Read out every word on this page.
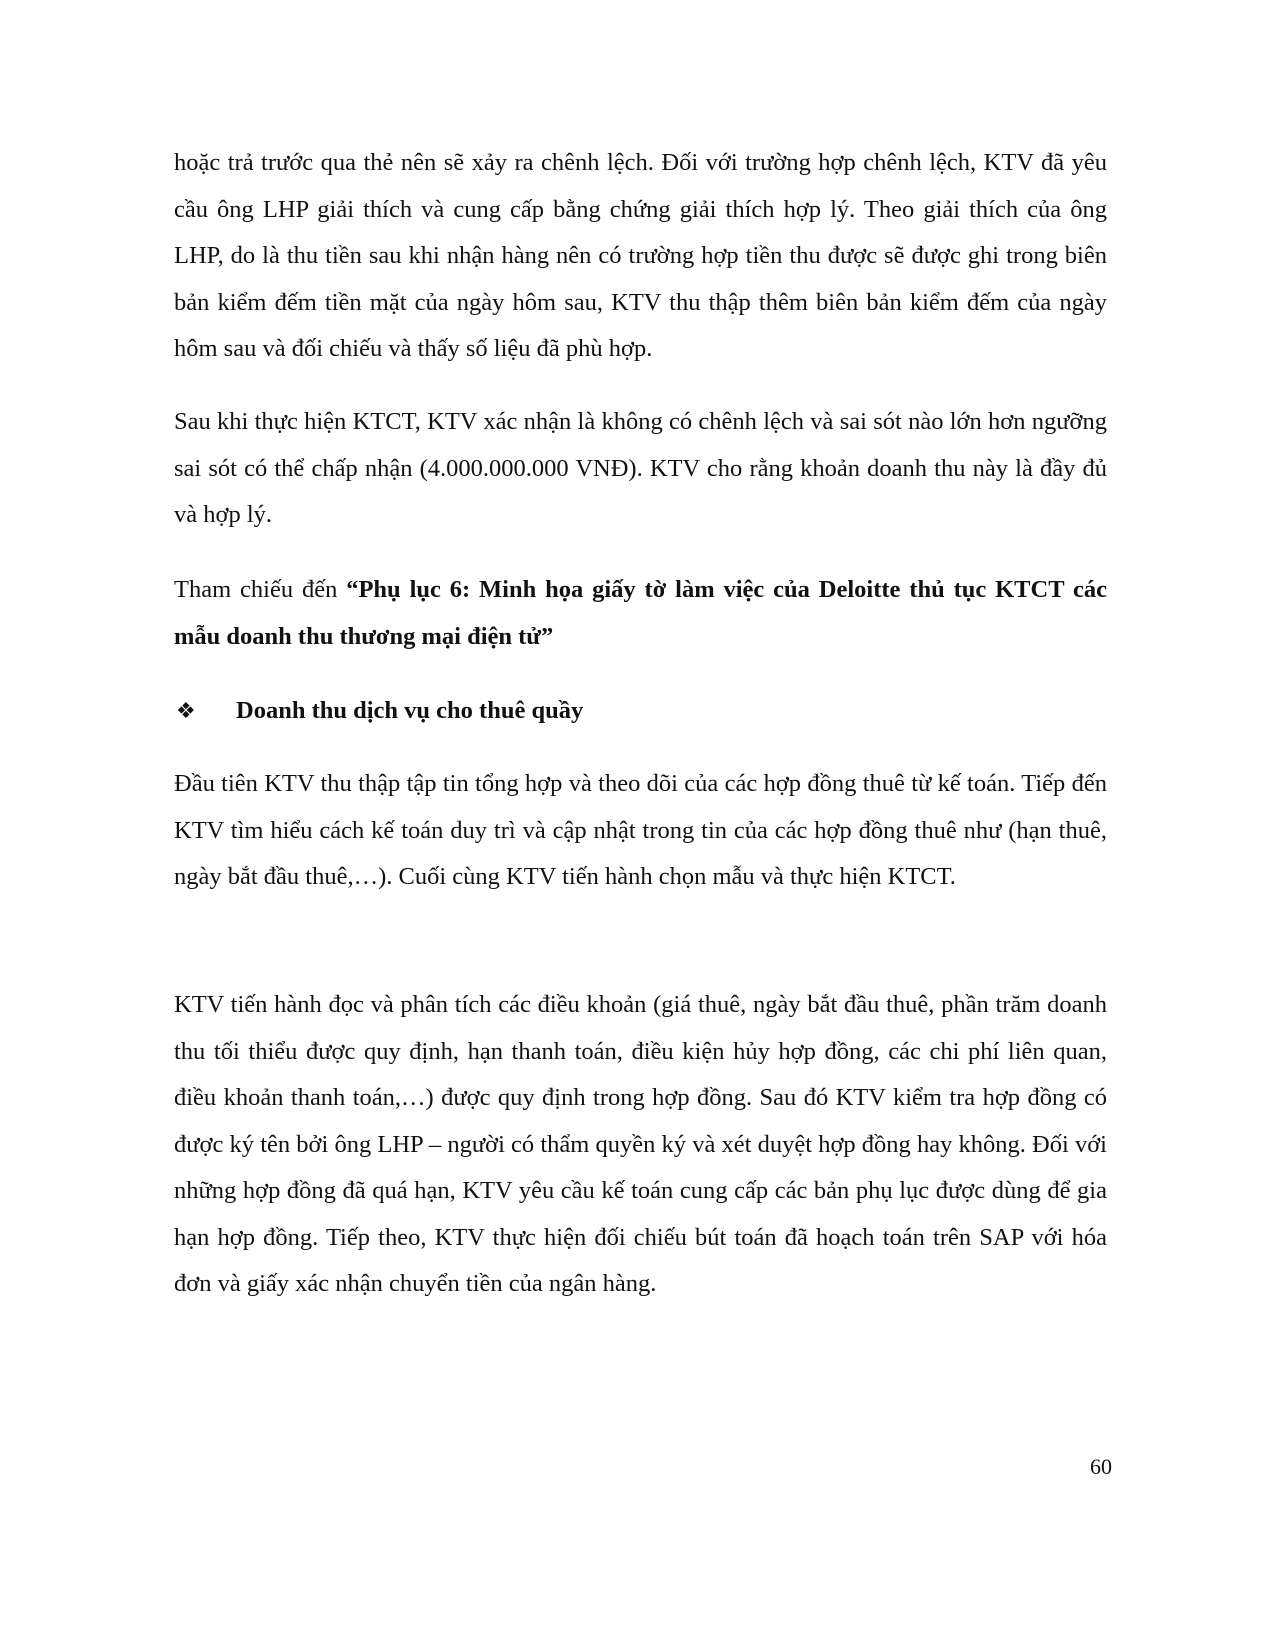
hoặc trả trước qua thẻ nên sẽ xảy ra chênh lệch. Đối với trường hợp chênh lệch, KTV đã yêu cầu ông LHP giải thích và cung cấp bằng chứng giải thích hợp lý. Theo giải thích của ông LHP, do là thu tiền sau khi nhận hàng nên có trường hợp tiền thu được sẽ được ghi trong biên bản kiểm đếm tiền mặt của ngày hôm sau, KTV thu thập thêm biên bản kiểm đếm của ngày hôm sau và đối chiếu và thấy số liệu đã phù hợp.

Sau khi thực hiện KTCT, KTV xác nhận là không có chênh lệch và sai sót nào lớn hơn ngưỡng sai sót có thể chấp nhận (4.000.000.000 VNĐ). KTV cho rằng khoản doanh thu này là đầy đủ và hợp lý.

Tham chiếu đến “Phụ lục 6: Minh họa giấy tờ làm việc của Deloitte thủ tục KTCT các mẫu doanh thu thương mại điện tử”

❖ Doanh thu dịch vụ cho thuê quầy

Đầu tiên KTV thu thập tập tin tổng hợp và theo dõi của các hợp đồng thuê từ kế toán. Tiếp đến KTV tìm hiểu cách kế toán duy trì và cập nhật trong tin của các hợp đồng thuê như (hạn thuê, ngày bắt đầu thuê,…). Cuối cùng KTV tiến hành chọn mẫu và thực hiện KTCT.

KTV tiến hành đọc và phân tích các điều khoản (giá thuê, ngày bắt đầu thuê, phần trăm doanh thu tối thiểu được quy định, hạn thanh toán, điều kiện hủy hợp đồng, các chi phí liên quan, điều khoản thanh toán,…) được quy định trong hợp đồng. Sau đó KTV kiểm tra hợp đồng có được ký tên bởi ông LHP – người có thẩm quyền ký và xét duyệt hợp đồng hay không. Đối với những hợp đồng đã quá hạn, KTV yêu cầu kế toán cung cấp các bản phụ lục được dùng để gia hạn hợp đồng. Tiếp theo, KTV thực hiện đối chiếu bút toán đã hoạch toán trên SAP với hóa đơn và giấy xác nhận chuyển tiền của ngân hàng.

60
